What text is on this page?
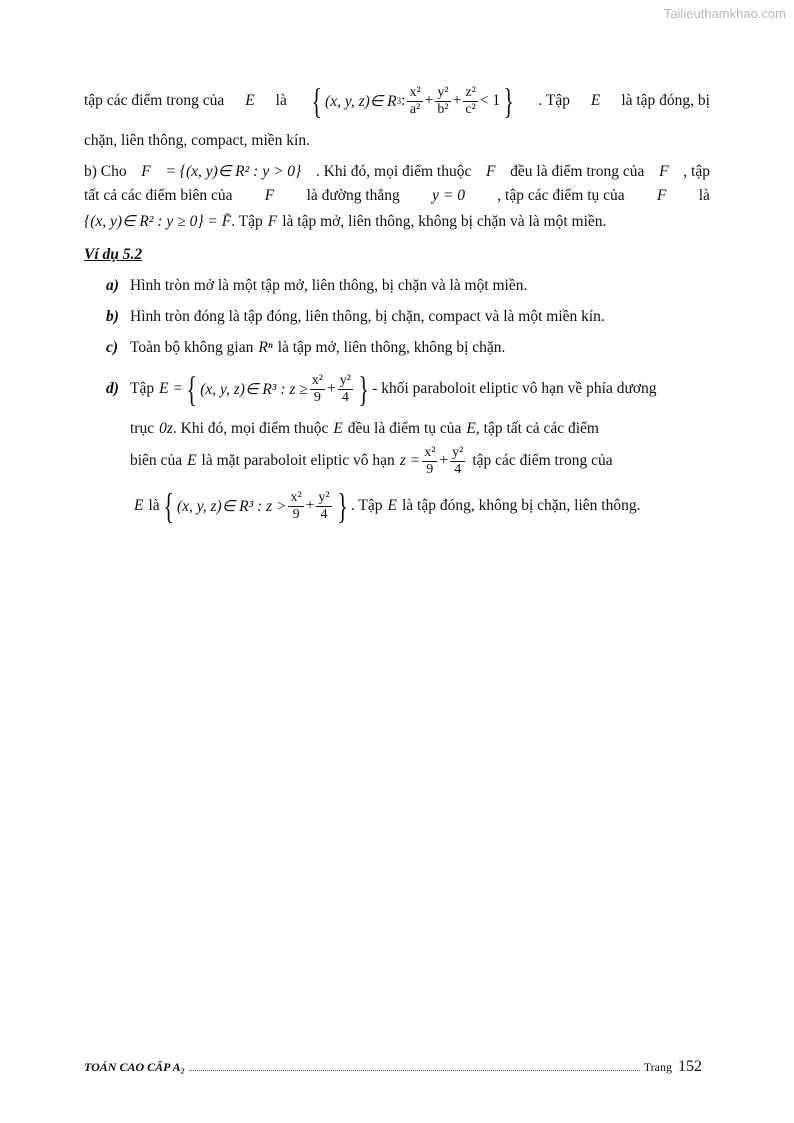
Tailieuthamkhao.com
tập các điểm trong của E là { (x, y, z)∈ R 3 : $\frac{\text{x²}}{\text{a²}} + \frac{\text{y²}}{\text{b²}} + \frac{\text{z²}}{\text{c²}} < 1$ } . Tập E là tập đóng, bị
chặn, liên thông, compact, miền kín.
b) Cho F = {(x, y)∈ R² : y > 0} . Khi đó, mọi điểm thuộc F đều là điểm trong của F , tập
tất cả các điểm biên của F là đường thẳng y = 0 , tập các điểm tụ của F là
{(x, y)∈ R² : y ≥ 0} = F̄ . Tập F là tập mở, liên thông, không bị chặn và là một miền.
Ví dụ 5.2
a) Hình tròn mở là một tập mở, liên thông, bị chặn và là một miền.
b) Hình tròn đóng là tập đóng, liên thông, bị chặn, compact và là một miền kín.
c) Toàn bộ không gian Rⁿ là tập mở, liên thông, không bị chặn.
d) Tập E = { (x, y, z)∈ R³ : $z \ge \frac{\text{x²}}{9} + \frac{\text{y²}}{4}$ } - khối paraboloit eliptic vô hạn về phía dương
trục 0z . Khi đó, mọi điểm thuộc E đều là điểm tụ của E , tập tất cả các điểm
biên của E là mặt paraboloit eliptic vô hạn $z = \frac{\text{x²}}{9} + \frac{\text{y²}}{4}$ tập các điểm trong của
E là { (x, y, z)∈ R³ : $z > \frac{\text{x²}}{9} + \frac{\text{y²}}{4}$ } . Tập E là tập đóng, không bị chặn, liên thông.
TOÁN CAO CẤP A₂	Trang 152
